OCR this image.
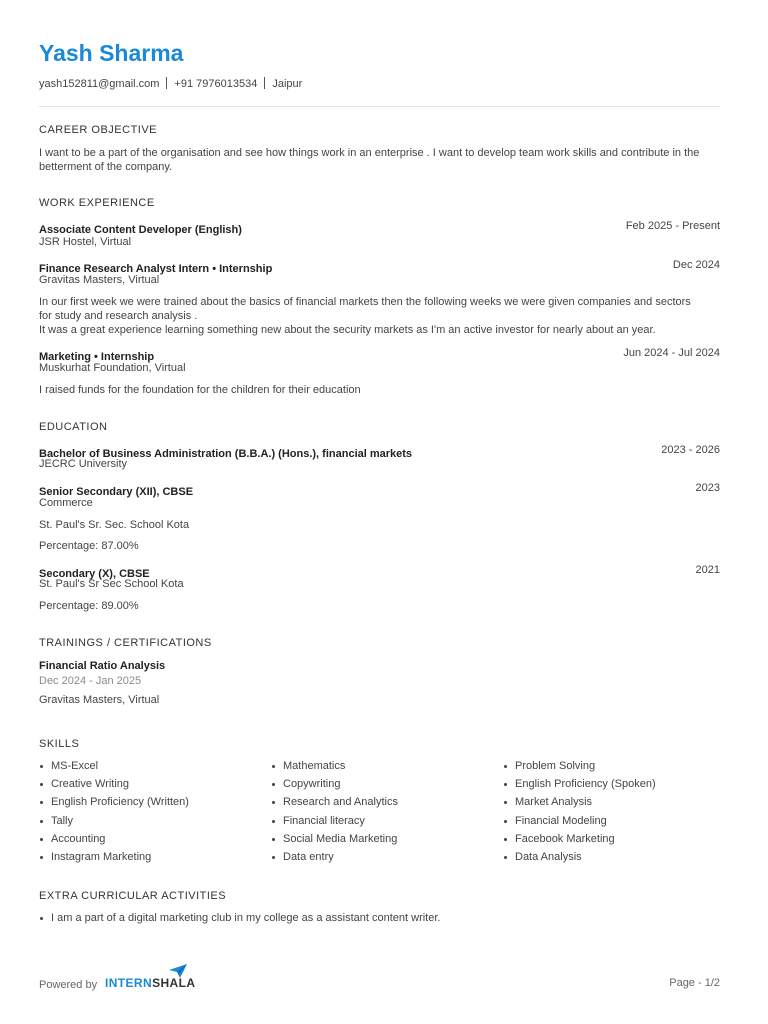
Yash Sharma
yash152811@gmail.com +91 7976013534 Jaipur
CAREER OBJECTIVE
I want to be a part of the organisation and see how things work in an enterprise . I want to develop team work skills and contribute in the
betterment of the company.
WORK EXPERIENCE
Associate Content Developer (English)	Feb 2025 - Present
JSR Hostel, Virtual
Finance Research Analyst Intern • Internship	Dec 2024
Gravitas Masters, Virtual
In our first week we were trained about the basics of financial markets then the following weeks we were given companies and sectors
for study and research analysis .
It was a great experience learning something new about the security markets as I'm an active investor for nearly about an year.
Marketing • Internship	Jun 2024 - Jul 2024
Muskurhat Foundation, Virtual
I raised funds for the foundation for the children for their education
EDUCATION
Bachelor of Business Administration (B.B.A.) (Hons.), financial markets	2023 - 2026
JECRC University
Senior Secondary (XII), CBSE	2023
Commerce
St. Paul's Sr. Sec. School Kota
Percentage: 87.00%
Secondary (X), CBSE	2021
St. Paul's Sr Sec School Kota
Percentage: 89.00%
TRAININGS / CERTIFICATIONS
Financial Ratio Analysis
Dec 2024 - Jan 2025
Gravitas Masters, Virtual
SKILLS
MS-Excel
Creative Writing
English Proficiency (Written)
Tally
Accounting
Instagram Marketing
Mathematics
Copywriting
Research and Analytics
Financial literacy
Social Media Marketing
Data entry
Problem Solving
English Proficiency (Spoken)
Market Analysis
Financial Modeling
Facebook Marketing
Data Analysis
EXTRA CURRICULAR ACTIVITIES
I am a part of a digital marketing club in my college as a assistant content writer.
Powered by INTERNSHALA	Page - 1/2
